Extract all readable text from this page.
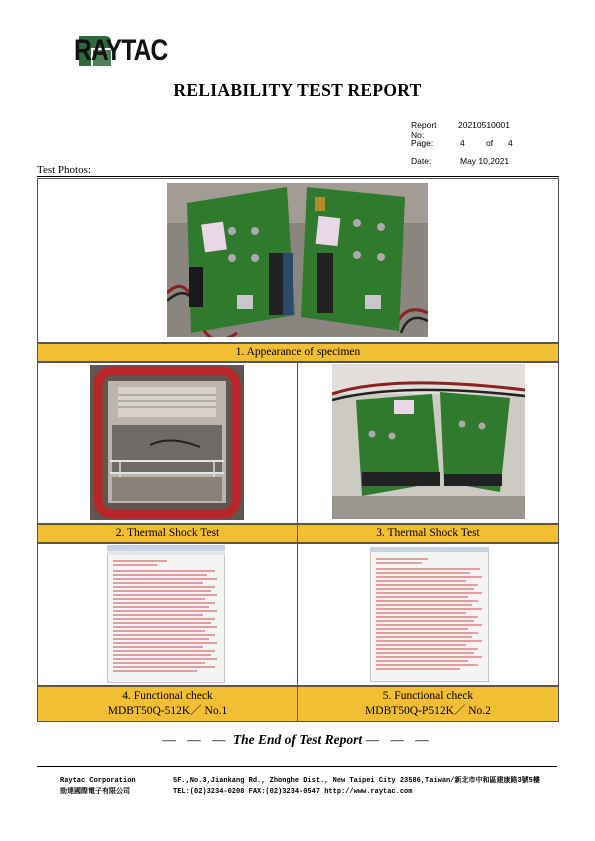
RAYTAC
RELIABILITY TEST REPORT
Report No:
20210510001
Page:	4	of 4
Date:	May 10,2021
Test Photos:
1. Appearance of specimen
2. Thermal Shock Test	3. Thermal Shock Test
4. Functional check
MDBT50Q-512K／ No.1
5. Functional check
MDBT50Q-P512K／ No.2
— — — The End of Test Report — — —
Raytac Corporation
勁達國際電子有限公司
5F.,No.3,Jiankang Rd., Zhonghe Dist., New Taipei City 23586,Taiwan/新北市中和區建康路3號5樓
TEL:(02)3234-0208 FAX:(02)3234-0547 http://www.raytac.com
